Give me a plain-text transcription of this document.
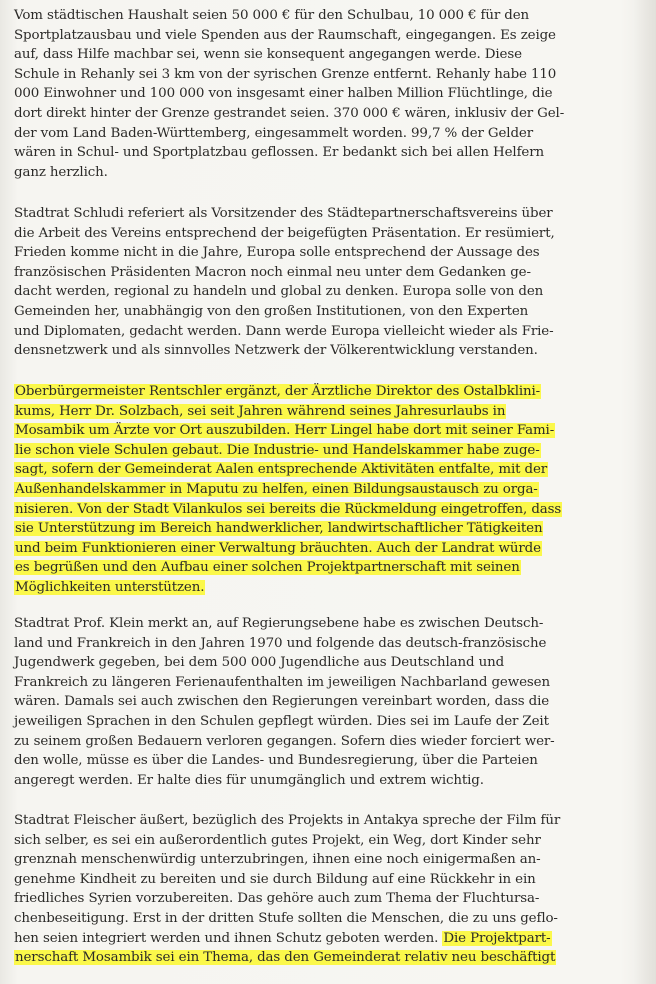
Vom städtischen Haushalt seien 50 000 € für den Schulbau, 10 000 € für den
Sportplatzausbau und viele Spenden aus der Raumschaft, eingegangen. Es zeige
auf, dass Hilfe machbar sei, wenn sie konsequent angegangen werde. Diese
Schule in Rehanly sei 3 km von der syrischen Grenze entfernt. Rehanly habe 110
000 Einwohner und 100 000 von insgesamt einer halben Million Flüchtlinge, die
dort direkt hinter der Grenze gestrandet seien. 370 000 € wären, inklusiv der Gel-
der vom Land Baden-Württemberg, eingesammelt worden. 99,7 % der Gelder
wären in Schul- und Sportplatzbau geflossen. Er bedankt sich bei allen Helfern
ganz herzlich.
Stadtrat Schludi referiert als Vorsitzender des Städtepartnerschaftsvereins über
die Arbeit des Vereins entsprechend der beigefügten Präsentation. Er resümiert,
Frieden komme nicht in die Jahre, Europa solle entsprechend der Aussage des
französischen Präsidenten Macron noch einmal neu unter dem Gedanken ge-
dacht werden, regional zu handeln und global zu denken. Europa solle von den
Gemeinden her, unabhängig von den großen Institutionen, von den Experten
und Diplomaten, gedacht werden. Dann werde Europa vielleicht wieder als Frie-
densnetzwerk und als sinnvolles Netzwerk der Völkerentwicklung verstanden.
Oberbürgermeister Rentschler ergänzt, der Ärztliche Direktor des Ostalbklini-
kums, Herr Dr. Solzbach, sei seit Jahren während seines Jahresurlaubs in
Mosambik um Ärzte vor Ort auszubilden. Herr Lingel habe dort mit seiner Fami-
lie schon viele Schulen gebaut. Die Industrie- und Handelskammer habe zuge-
sagt, sofern der Gemeinderat Aalen entsprechende Aktivitäten entfalte, mit der
Außenhandelskammer in Maputu zu helfen, einen Bildungsaustausch zu orga-
nisieren. Von der Stadt Vilankulos sei bereits die Rückmeldung eingetroffen, dass
sie Unterstützung im Bereich handwerklicher, landwirtschaftlicher Tätigkeiten
und beim Funktionieren einer Verwaltung bräuchten. Auch der Landrat würde
es begrüßen und den Aufbau einer solchen Projektpartnerschaft mit seinen
Möglichkeiten unterstützen.
Stadtrat Prof. Klein merkt an, auf Regierungsebene habe es zwischen Deutsch-
land und Frankreich in den Jahren 1970 und folgende das deutsch-französische
Jugendwerk gegeben, bei dem 500 000 Jugendliche aus Deutschland und
Frankreich zu längeren Ferienaufenthalten im jeweiligen Nachbarland gewesen
wären. Damals sei auch zwischen den Regierungen vereinbart worden, dass die
jeweiligen Sprachen in den Schulen gepflegt würden. Dies sei im Laufe der Zeit
zu seinem großen Bedauern verloren gegangen. Sofern dies wieder forciert wer-
den wolle, müsse es über die Landes- und Bundesregierung, über die Parteien
angeregt werden. Er halte dies für unumgänglich und extrem wichtig.
Stadtrat Fleischer äußert, bezüglich des Projekts in Antakya spreche der Film für
sich selber, es sei ein außerordentlich gutes Projekt, ein Weg, dort Kinder sehr
grenznah menschenwürdig unterzubringen, ihnen eine noch einigermaßen an-
genehme Kindheit zu bereiten und sie durch Bildung auf eine Rückkehr in ein
friedliches Syrien vorzubereiten. Das gehöre auch zum Thema der Fluchtursa-
chenbeseitigung. Erst in der dritten Stufe sollten die Menschen, die zu uns geflo-
hen seien integriert werden und ihnen Schutz geboten werden. Die Projektpart-
nerschaft Mosambik sei ein Thema, das den Gemeinderat relativ neu beschäftigt
